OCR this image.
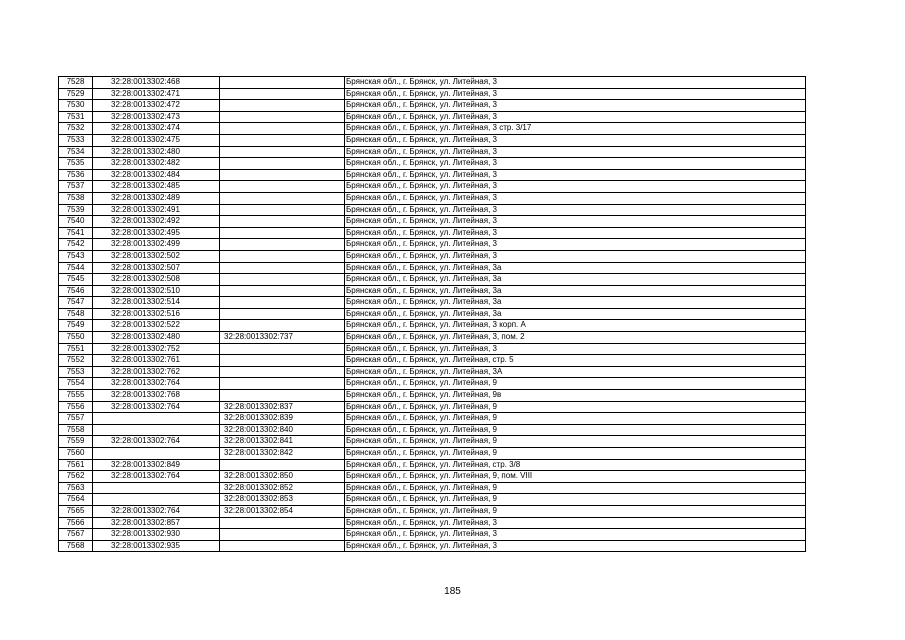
7528	32:28:0013302:468		Брянская обл., г. Брянск, ул. Литейная, 3
7529	32:28:0013302:471		Брянская обл., г. Брянск, ул. Литейная, 3
7530	32:28:0013302:472		Брянская обл., г. Брянск, ул. Литейная, 3
7531	32:28:0013302:473		Брянская обл., г. Брянск, ул. Литейная, 3
7532	32:28:0013302:474		Брянская обл., г. Брянск, ул. Литейная, 3 стр. 3/17
7533	32:28:0013302:475		Брянская обл., г. Брянск, ул. Литейная, 3
7534	32:28:0013302:480		Брянская обл., г. Брянск, ул. Литейная, 3
7535	32:28:0013302:482		Брянская обл., г. Брянск, ул. Литейная, 3
7536	32:28:0013302:484		Брянская обл., г. Брянск, ул. Литейная, 3
7537	32:28:0013302:485		Брянская обл., г. Брянск, ул. Литейная, 3
7538	32:28:0013302:489		Брянская обл., г. Брянск, ул. Литейная, 3
7539	32:28:0013302:491		Брянская обл., г. Брянск, ул. Литейная, 3
7540	32:28:0013302:492		Брянская обл., г. Брянск, ул. Литейная, 3
7541	32:28:0013302:495		Брянская обл., г. Брянск, ул. Литейная, 3
7542	32:28:0013302:499		Брянская обл., г. Брянск, ул. Литейная, 3
7543	32:28:0013302:502		Брянская обл., г. Брянск, ул. Литейная, 3
7544	32:28:0013302:507		Брянская обл., г. Брянск, ул. Литейная, 3а
7545	32:28:0013302:508		Брянская обл., г. Брянск, ул. Литейная, 3а
7546	32:28:0013302:510		Брянская обл., г. Брянск, ул. Литейная, 3а
7547	32:28:0013302:514		Брянская обл., г. Брянск, ул. Литейная, 3а
7548	32:28:0013302:516		Брянская обл., г. Брянск, ул. Литейная, 3а
7549	32:28:0013302:522		Брянская обл., г. Брянск, ул. Литейная, 3 корп. А
7550	32:28:0013302:480	32:28:0013302:737	Брянская обл., г. Брянск, ул. Литейная, 3, пом. 2
7551	32:28:0013302:752		Брянская обл., г. Брянск, ул. Литейная, 3
7552	32:28:0013302:761		Брянская обл., г. Брянск, ул. Литейная, стр. 5
7553	32:28:0013302:762		Брянская обл., г. Брянск, ул. Литейная, 3А
7554	32:28:0013302:764		Брянская обл., г. Брянск, ул. Литейная, 9
7555	32:28:0013302:768		Брянская обл., г. Брянск, ул. Литейная, 9в
7556	32:28:0013302:764	32:28:0013302:837	Брянская обл., г. Брянск, ул. Литейная, 9
7557		32:28:0013302:839	Брянская обл., г. Брянск, ул. Литейная, 9
7558		32:28:0013302:840	Брянская обл., г. Брянск, ул. Литейная, 9
7559	32:28:0013302:764	32:28:0013302:841	Брянская обл., г. Брянск, ул. Литейная, 9
7560		32:28:0013302:842	Брянская обл., г. Брянск, ул. Литейная, 9
7561	32:28:0013302:849		Брянская обл., г. Брянск, ул. Литейная, стр. 3/8
7562	32:28:0013302:764	32:28:0013302:850	Брянская обл., г. Брянск, ул. Литейная, 9, пом. VIII
7563		32:28:0013302:852	Брянская обл., г. Брянск, ул. Литейная, 9
7564		32:28:0013302:853	Брянская обл., г. Брянск, ул. Литейная, 9
7565	32:28:0013302:764	32:28:0013302:854	Брянская обл., г. Брянск, ул. Литейная, 9
7566	32:28:0013302:857		Брянская обл., г. Брянск, ул. Литейная, 3
7567	32:28:0013302:930		Брянская обл., г. Брянск, ул. Литейная, 3
7568	32:28:0013302:935		Брянская обл., г. Брянск, ул. Литейная, 3
185
